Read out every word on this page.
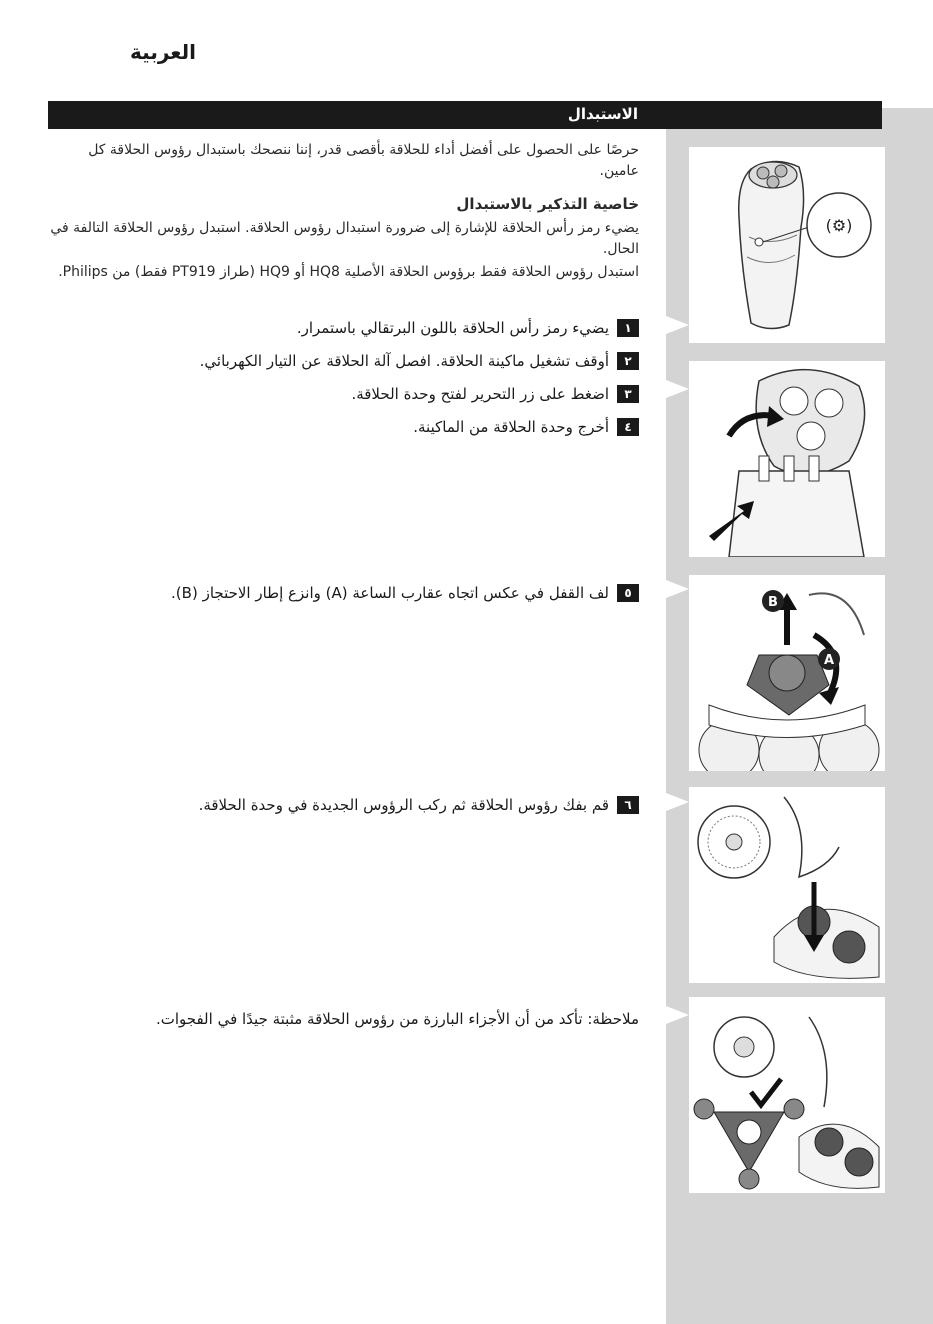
العربية
الاستبدال
حرصًا على الحصول على أفضل أداء للحلاقة بأقصى قدر، إننا ننصحك باستبدال رؤوس الحلاقة كل عامين.
خاصية التذكير بالاستبدال
يضيء رمز رأس الحلاقة للإشارة إلى ضرورة استبدال رؤوس الحلاقة. استبدل رؤوس الحلاقة التالفة في الحال.
استبدل رؤوس الحلاقة فقط برؤوس الحلاقة الأصلية HQ8 أو HQ9 (طراز PT919 فقط) من Philips.
١
يضيء رمز رأس الحلاقة باللون البرتقالي باستمرار.
٢
أوقف تشغيل ماكينة الحلاقة. افصل آلة الحلاقة عن التيار الكهربائي.
٣
اضغط على زر التحرير لفتح وحدة الحلاقة.
٤
أخرج وحدة الحلاقة من الماكينة.
٥
لف القفل في عكس اتجاه عقارب الساعة (A) وانزع إطار الاحتجاز (B).
٦
قم بفك رؤوس الحلاقة ثم ركب الرؤوس الجديدة في وحدة الحلاقة.
ملاحظة: تأكد من أن الأجزاء البارزة من رؤوس الحلاقة مثبتة جيدًا في الفجوات.
(⚙)
B
A
